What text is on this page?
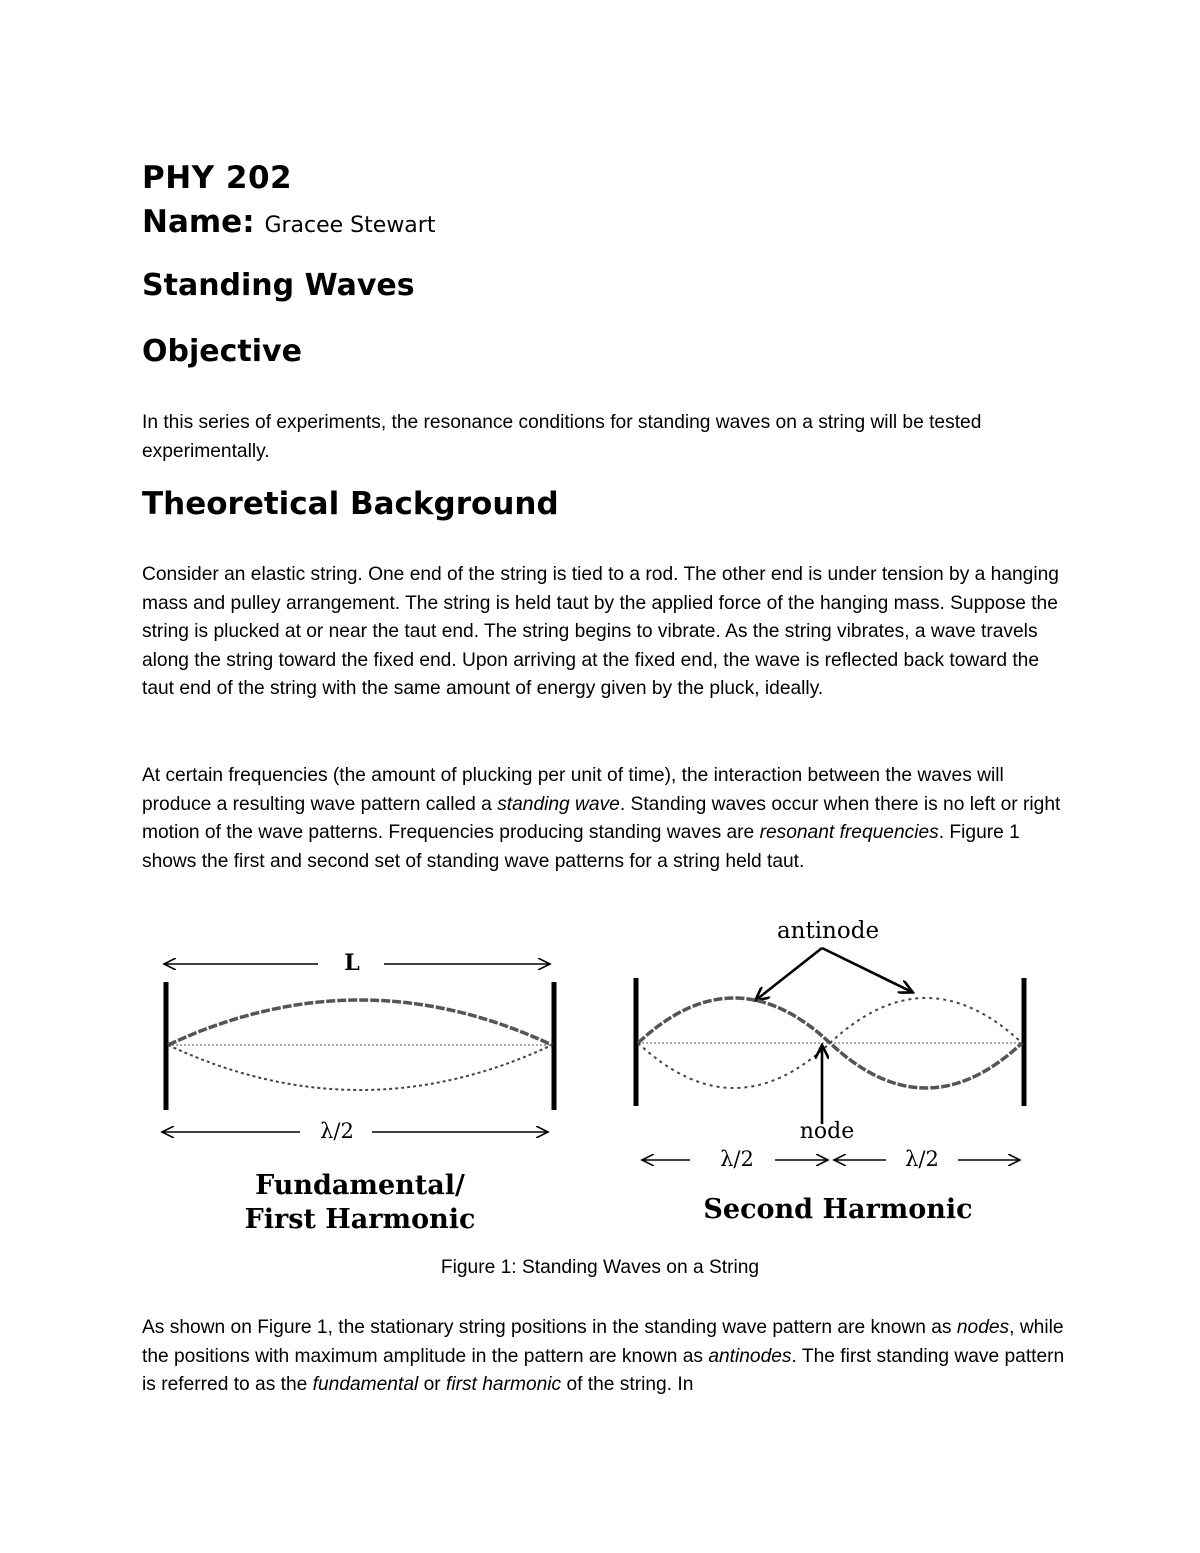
PHY 202
Name: Gracee Stewart
Standing Waves
Objective

In this series of experiments, the resonance conditions for standing waves on a string will be tested experimentally.

Theoretical Background

Consider an elastic string. One end of the string is tied to a rod. The other end is under tension by a hanging mass and pulley arrangement. The string is held taut by the applied force of the hanging mass. Suppose the string is plucked at or near the taut end. The string begins to vibrate. As the string vibrates, a wave travels along the string toward the fixed end. Upon arriving at the fixed end, the wave is reflected back toward the taut end of the string with the same amount of energy given by the pluck, ideally.

At certain frequencies (the amount of plucking per unit of time), the interaction between the waves will produce a resulting wave pattern called a standing wave. Standing waves occur when there is no left or right motion of the wave patterns. Frequencies producing standing waves are resonant frequencies. Figure 1 shows the first and second set of standing wave patterns for a string held taut.

L
λ/2
Fundamental/
First Harmonic
antinode
node
λ/2	λ/2
Second Harmonic
Figure 1: Standing Waves on a String

As shown on Figure 1, the stationary string positions in the standing wave pattern are known as nodes, while the positions with maximum amplitude in the pattern are known as antinodes. The first standing wave pattern is referred to as the fundamental or first harmonic of the string. In
